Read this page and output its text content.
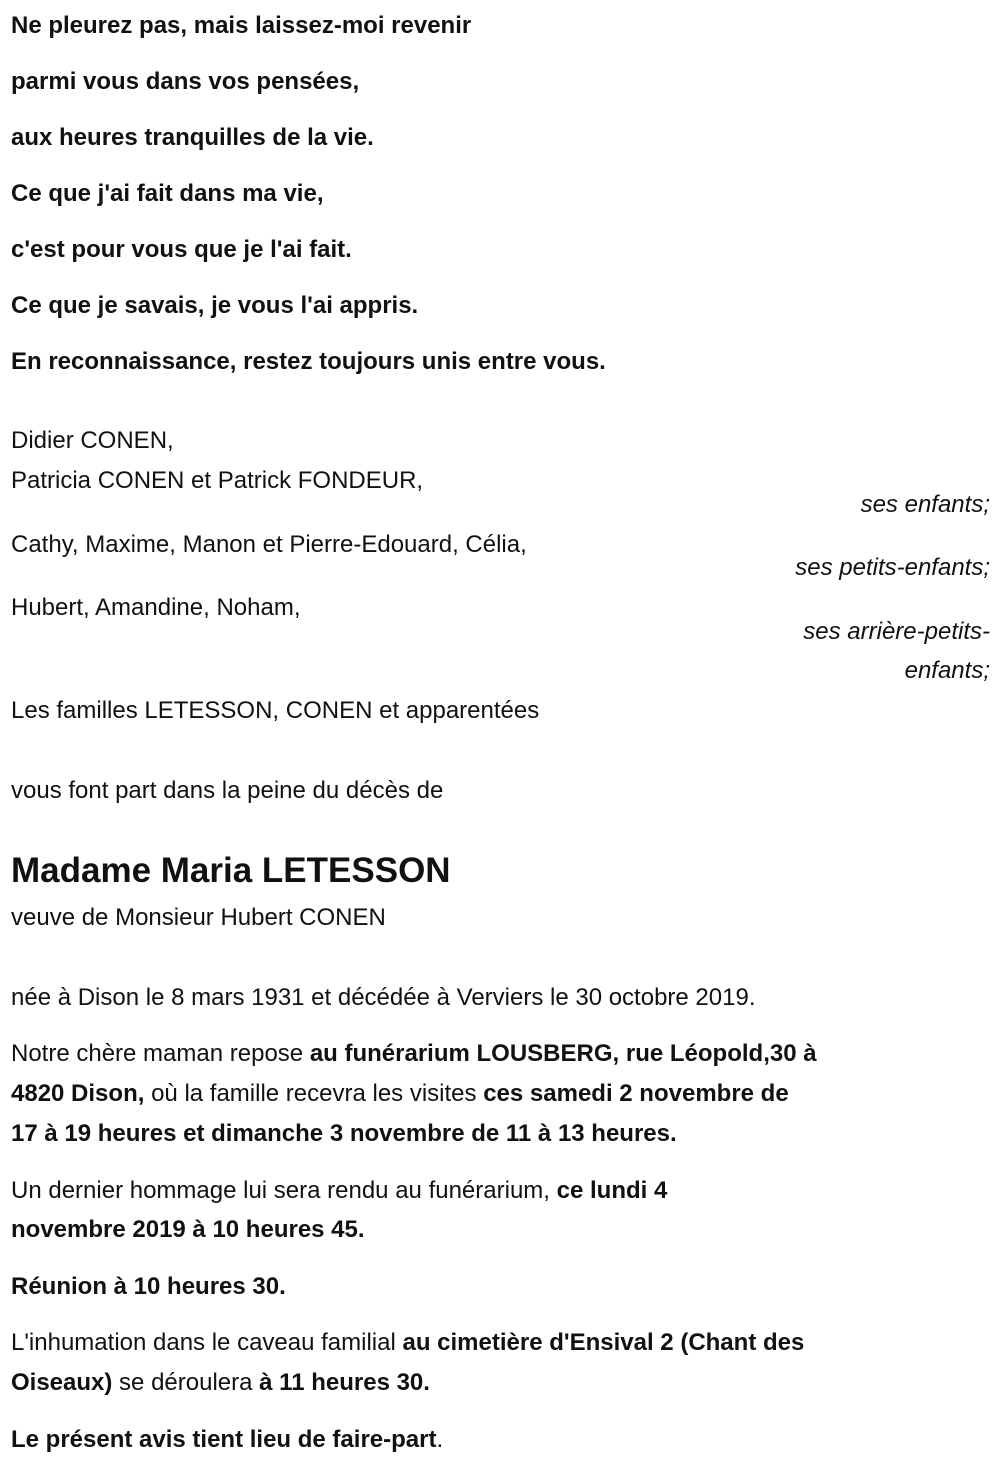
Ne pleurez pas, mais laissez-moi revenir
parmi vous dans vos pensées,
aux heures tranquilles de la vie.
Ce que j'ai fait dans ma vie,
c'est pour vous que je l'ai fait.
Ce que je savais, je vous l'ai appris.
En reconnaissance, restez toujours unis entre vous.
Didier CONEN,
Patricia CONEN et Patrick FONDEUR,
ses enfants;
Cathy, Maxime, Manon et Pierre-Edouard, Célia,
ses petits-enfants;
Hubert, Amandine, Noham,
ses arrière-petits-
enfants;
Les familles LETESSON, CONEN et apparentées
vous font part dans la peine du décès de
Madame Maria LETESSON
veuve de Monsieur Hubert CONEN
née à Dison le 8 mars 1931 et décédée à Verviers le 30 octobre 2019.
Notre chère maman repose au funérarium LOUSBERG, rue Léopold,30 à
4820 Dison, où la famille recevra les visites ces samedi 2 novembre de
17 à 19 heures et dimanche 3 novembre de 11 à 13 heures.
Un dernier hommage lui sera rendu au funérarium, ce lundi 4
novembre 2019 à 10 heures 45.
Réunion à 10 heures 30.
L'inhumation dans le caveau familial au cimetière d'Ensival 2 (Chant des
Oiseaux) se déroulera à 11 heures 30.
Le présent avis tient lieu de faire-part.
